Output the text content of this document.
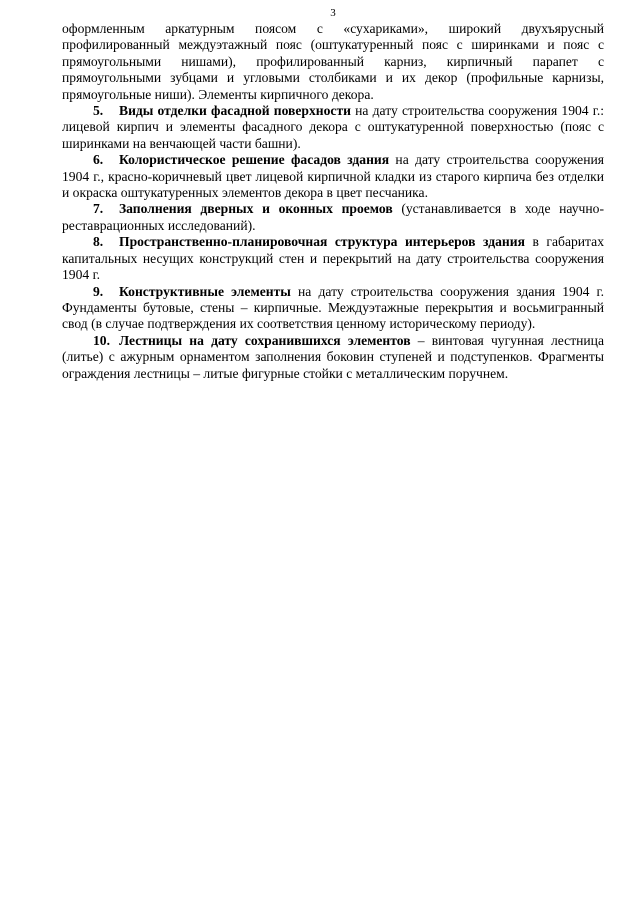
3

оформленным аркатурным поясом с «сухариками», широкий двухъярусный профилированный междуэтажный пояс (оштукатуренный пояс с ширинками и пояс с прямоугольными нишами), профилированный карниз, кирпичный парапет с прямоугольными зубцами и угловыми столбиками и их декор (профильные карнизы, прямоугольные ниши). Элементы кирпичного декора.

5. Виды отделки фасадной поверхности на дату строительства сооружения 1904 г.: лицевой кирпич и элементы фасадного декора с оштукатуренной поверхностью (пояс с ширинками на венчающей части башни).

6. Колористическое решение фасадов здания на дату строительства сооружения 1904 г., красно-коричневый цвет лицевой кирпичной кладки из старого кирпича без отделки и окраска оштукатуренных элементов декора в цвет песчаника.

7. Заполнения дверных и оконных проемов (устанавливается в ходе научно-реставрационных исследований).

8. Пространственно-планировочная структура интерьеров здания в габаритах капитальных несущих конструкций стен и перекрытий на дату строительства сооружения 1904 г.

9. Конструктивные элементы на дату строительства сооружения здания 1904 г. Фундаменты бутовые, стены – кирпичные. Междуэтажные перекрытия и восьмигранный свод (в случае подтверждения их соответствия ценному историческому периоду).

10. Лестницы на дату сохранившихся элементов – винтовая чугунная лестница (литье) с ажурным орнаментом заполнения боковин ступеней и подступенков. Фрагменты ограждения лестницы – литые фигурные стойки с металлическим поручнем.
